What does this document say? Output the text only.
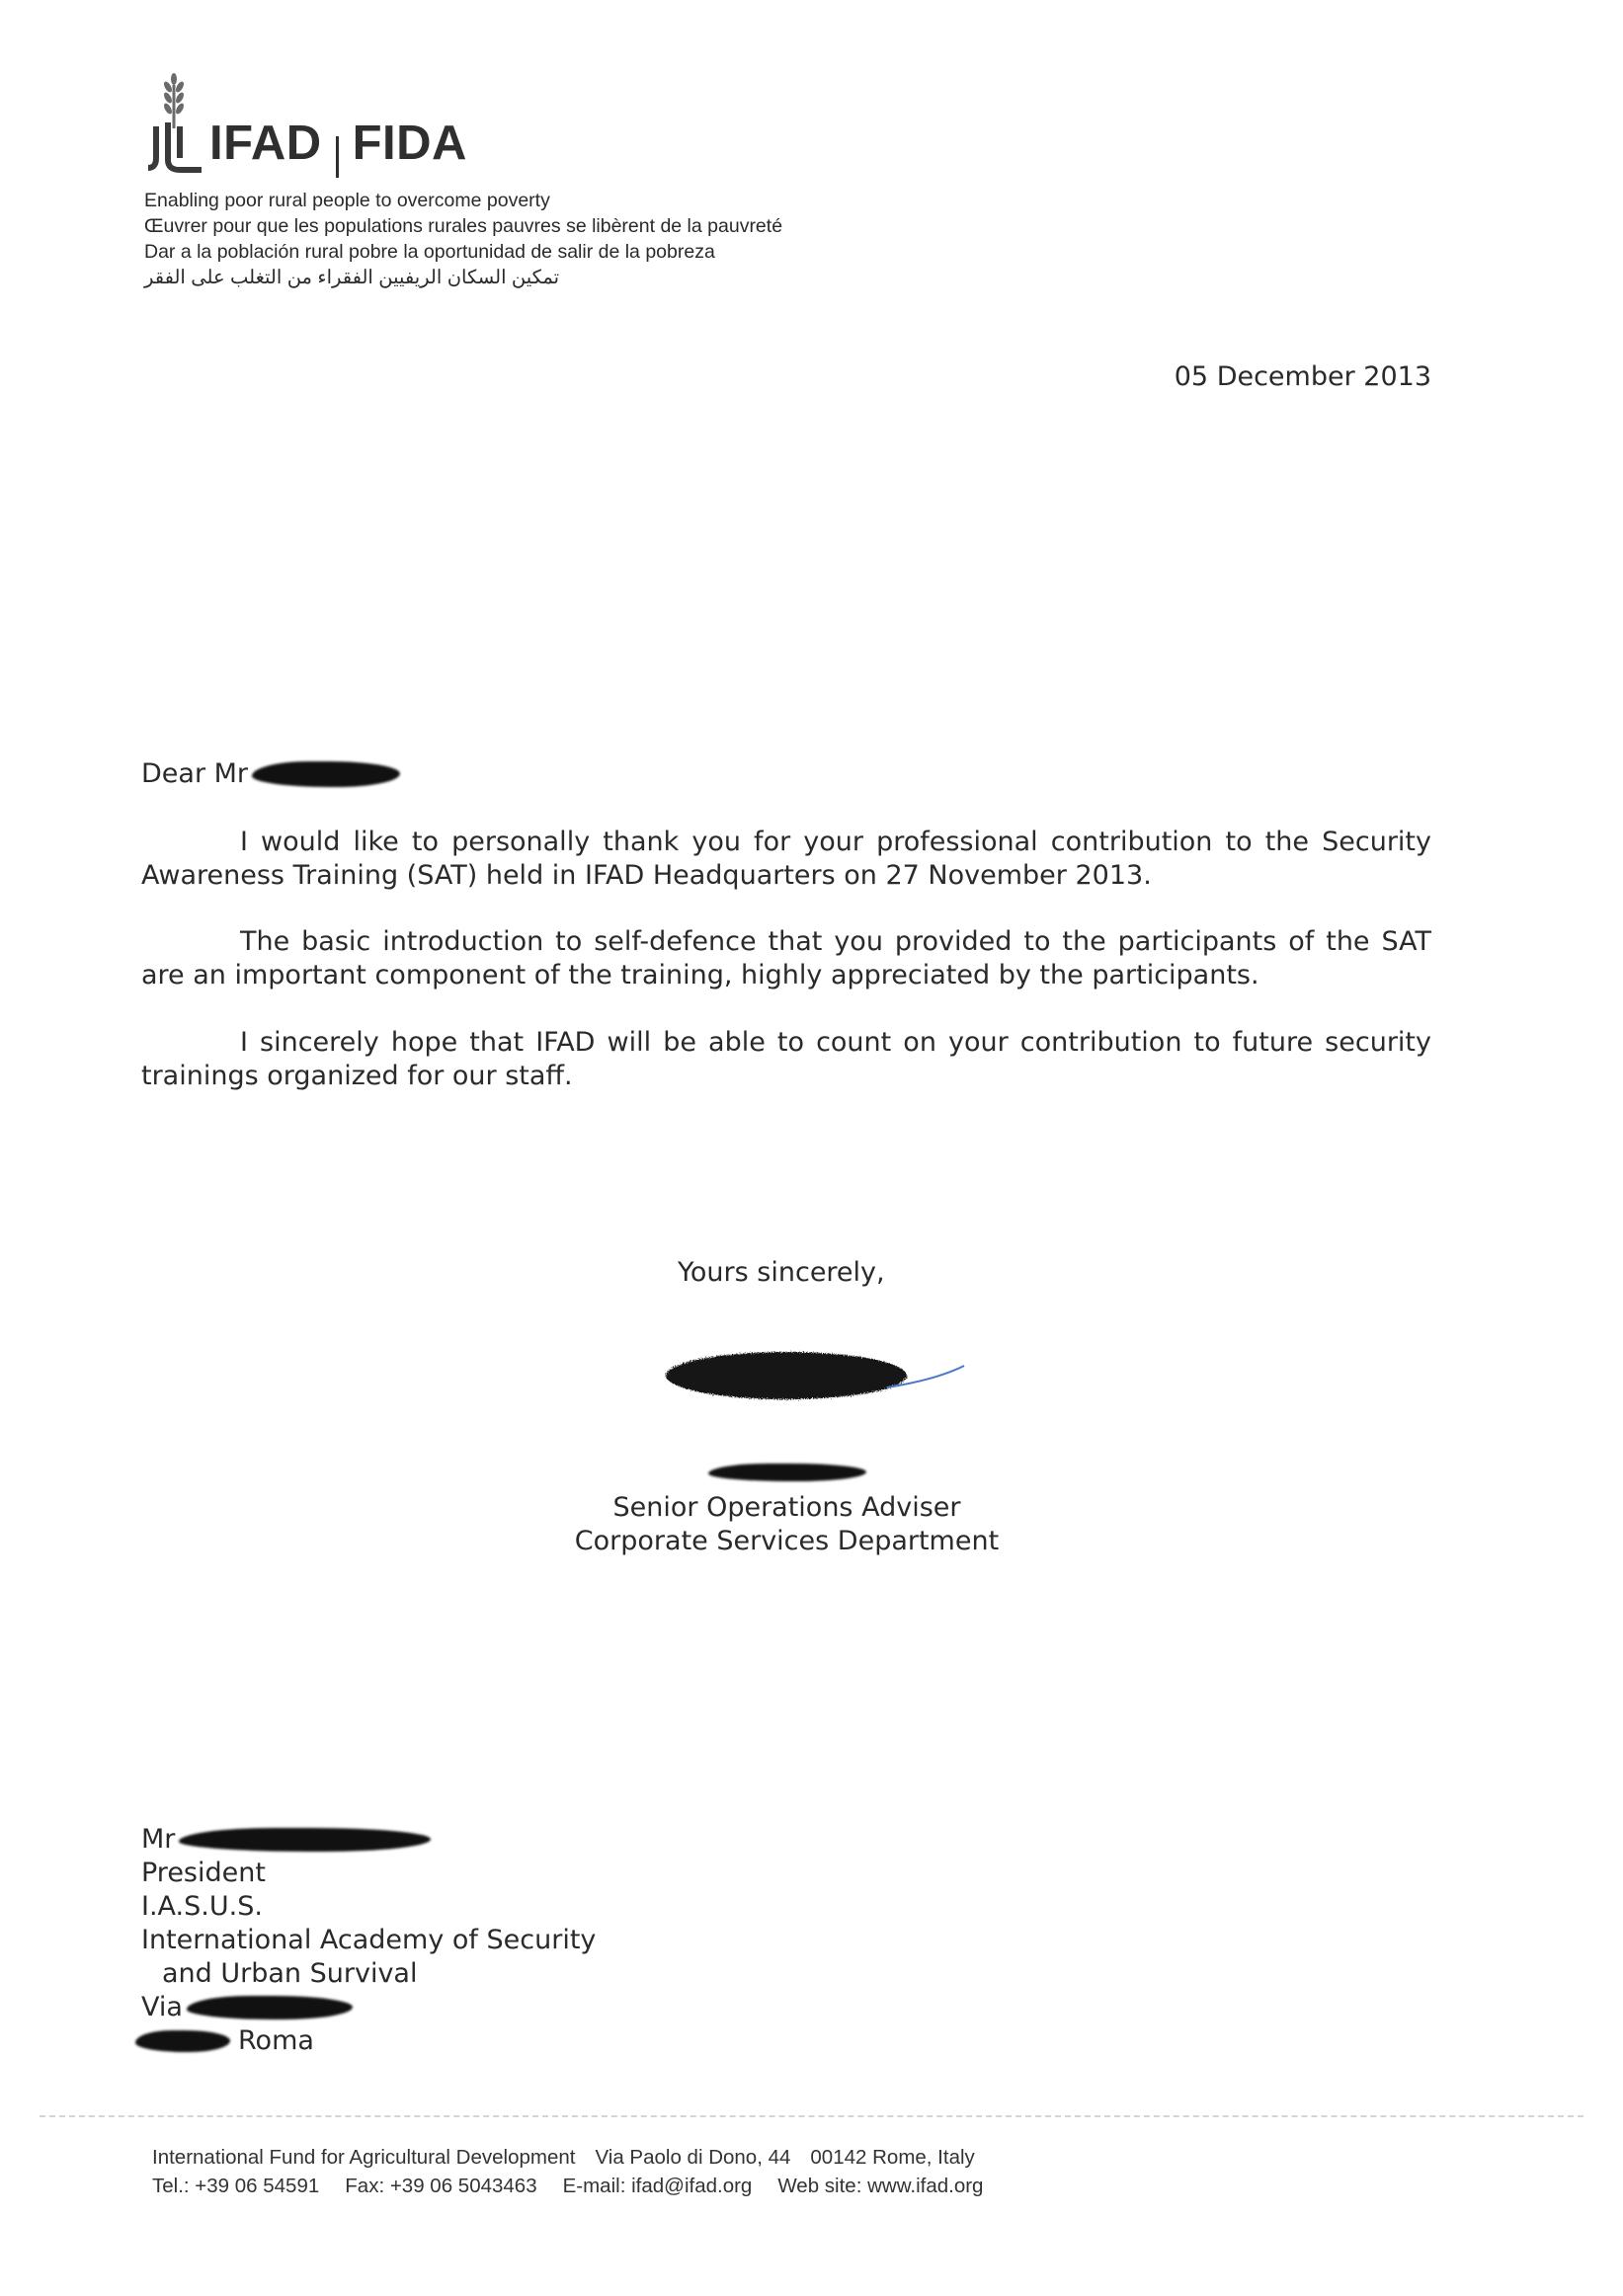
IFAD FIDA
Enabling poor rural people to overcome poverty
Œuvrer pour que les populations rurales pauvres se libèrent de la pauvreté
Dar a la población rural pobre la oportunidad de salir de la pobreza
تمكين السكان الريفيين الفقراء من التغلب على الفقر
05 December 2013
Dear Mr
I would like to personally thank you for your professional contribution to the Security Awareness Training (SAT) held in IFAD Headquarters on 27 November 2013.
The basic introduction to self-defence that you provided to the participants of the SAT are an important component of the training, highly appreciated by the participants.
I sincerely hope that IFAD will be able to count on your contribution to future security trainings organized for our staff.
Yours sincerely,
Senior Operations Adviser
Corporate Services Department
Mr
President
I.A.S.U.S.
International Academy of Security
and Urban Survival
Via
Roma
International Fund for Agricultural Development Via Paolo di Dono, 44 00142 Rome, Italy
Tel.: +39 06 54591 Fax: +39 06 5043463 E-mail: ifad@ifad.org Web site: www.ifad.org
